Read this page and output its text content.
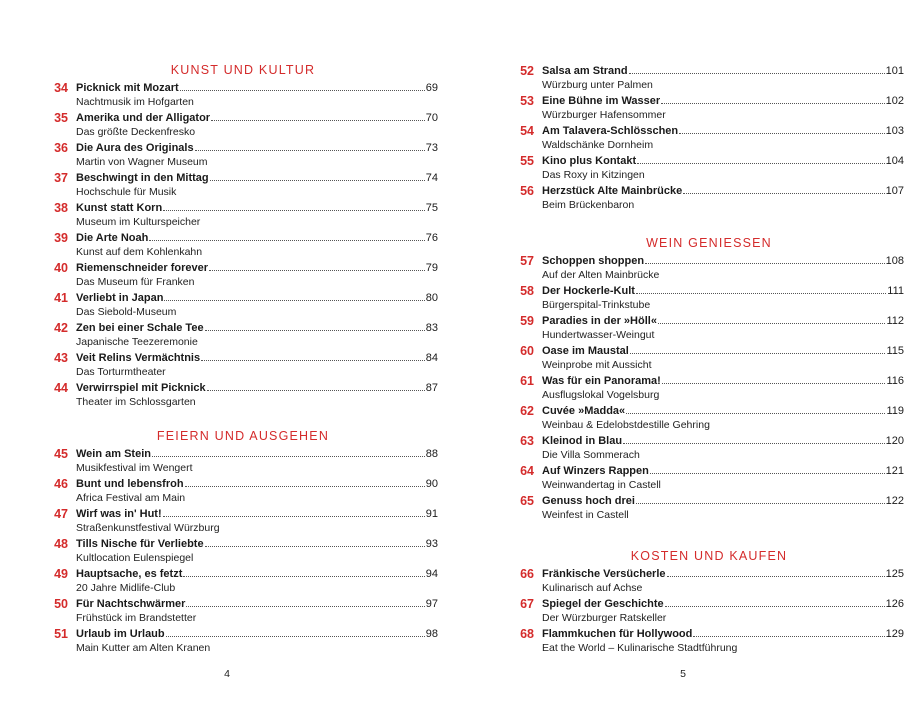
KUNST UND KULTUR
34 Picknick mit Mozart	69
Nachtmusik im Hofgarten
35 Amerika und der Alligator	70
Das größte Deckenfresko
36 Die Aura des Originals	73
Martin von Wagner Museum
37 Beschwingt in den Mittag	74
Hochschule für Musik
38 Kunst statt Korn	75
Museum im Kulturspeicher
39 Die Arte Noah	76
Kunst auf dem Kohlenkahn
40 Riemenschneider forever	79
Das Museum für Franken
41 Verliebt in Japan	80
Das Siebold-Museum
42 Zen bei einer Schale Tee	83
Japanische Teezeremonie
43 Veit Relins Vermächtnis	84
Das Torturmtheater
44 Verwirrspiel mit Picknick	87
Theater im Schlossgarten
FEIERN UND AUSGEHEN
45 Wein am Stein	88
Musikfestival im Wengert
46 Bunt und lebensfroh	90
Africa Festival am Main
47 Wirf was in' Hut!	91
Straßenkunstfestival Würzburg
48 Tills Nische für Verliebte	93
Kultlocation Eulenspiegel
49 Hauptsache, es fetzt	94
20 Jahre Midlife-Club
50 Für Nachtschwärmer	97
Frühstück im Brandstetter
51 Urlaub im Urlaub	98
Main Kutter am Alten Kranen
4
52 Salsa am Strand	101
Würzburg unter Palmen
53 Eine Bühne im Wasser	102
Würzburger Hafensommer
54 Am Talavera-Schlösschen	103
Waldschänke Dornheim
55 Kino plus Kontakt	104
Das Roxy in Kitzingen
56 Herzstück Alte Mainbrücke	107
Beim Brückenbaron
WEIN GENIESSEN
57 Schoppen shoppen	108
Auf der Alten Mainbrücke
58 Der Hockerle-Kult	111
Bürgerspital-Trinkstube
59 Paradies in der »Höll«	112
Hundertwasser-Weingut
60 Oase im Maustal	115
Weinprobe mit Aussicht
61 Was für ein Panorama!	116
Ausflugslokal Vogelsburg
62 Cuvée »Madda«	119
Weinbau & Edelobstdestille Gehring
63 Kleinod in Blau	120
Die Villa Sommerach
64 Auf Winzers Rappen	121
Weinwandertag in Castell
65 Genuss hoch drei	122
Weinfest in Castell
KOSTEN UND KAUFEN
66 Fränkische Versücherle	125
Kulinarisch auf Achse
67 Spiegel der Geschichte	126
Der Würzburger Ratskeller
68 Flammkuchen für Hollywood	129
Eat the World – Kulinarische Stadtführung
5
